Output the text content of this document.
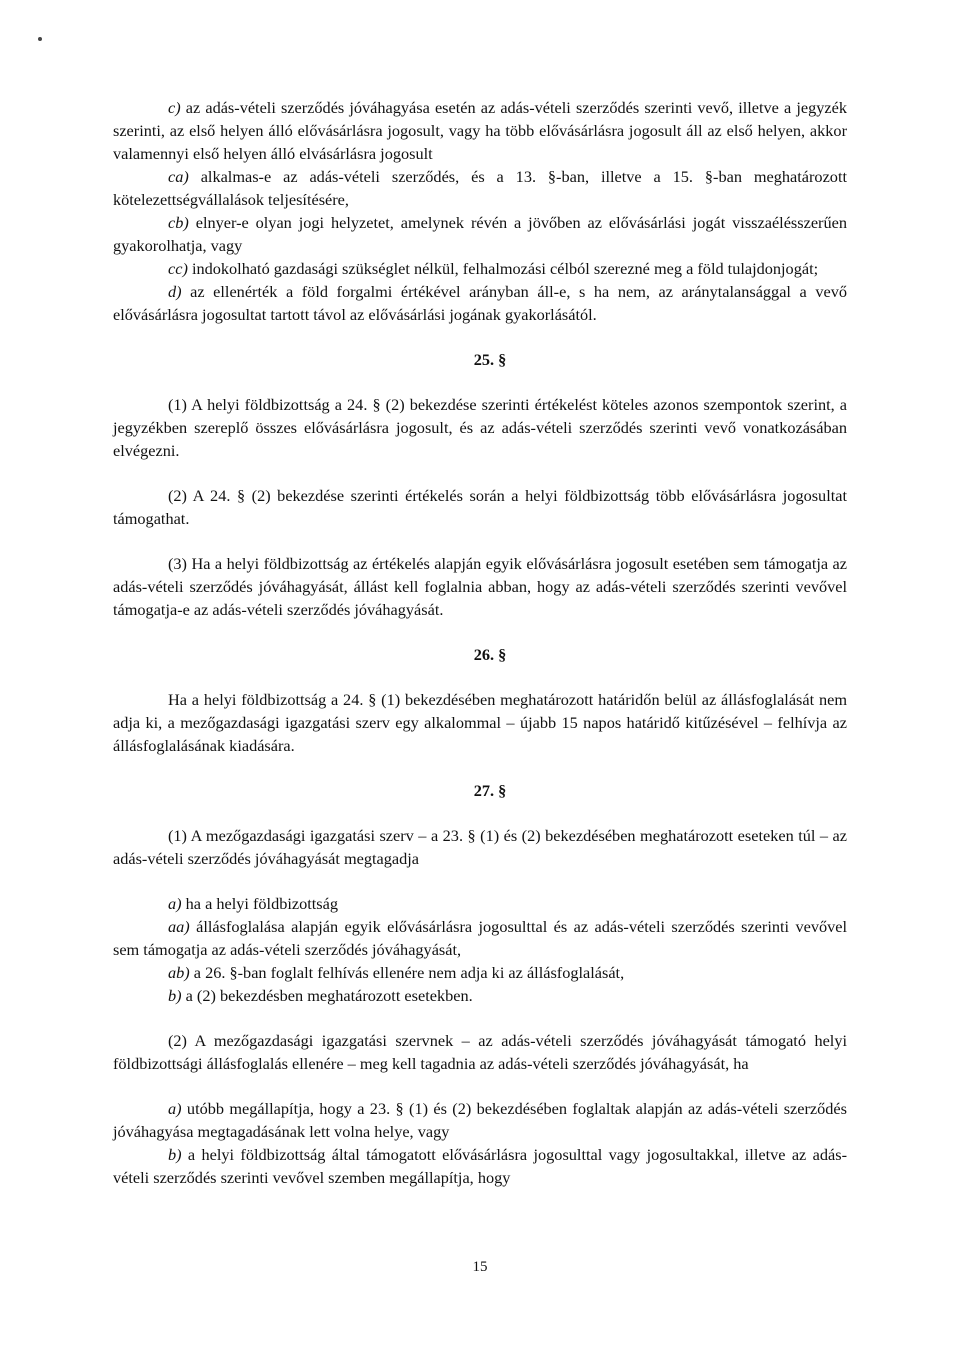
c) az adás-vételi szerződés jóváhagyása esetén az adás-vételi szerződés szerinti vevő, illetve a jegyzék szerinti, az első helyen álló elővásárlásra jogosult, vagy ha több elővásárlásra jogosult áll az első helyen, akkor valamennyi első helyen álló elvásárlásra jogosult

ca) alkalmas-e az adás-vételi szerződés, és a 13. §-ban, illetve a 15. §-ban meghatározott kötelezettségvállalások teljesítésére,

cb) elnyer-e olyan jogi helyzetet, amelynek révén a jövőben az elővásárlási jogát visszaélésszerűen gyakorolhatja, vagy

cc) indokolható gazdasági szükséglet nélkül, felhalmozási célból szerezné meg a föld tulajdonjogát;

d) az ellenérték a föld forgalmi értékével arányban áll-e, s ha nem, az aránytalansággal a vevő elővásárlásra jogosultat tartott távol az elővásárlási jogának gyakorlásától.

25. §

(1) A helyi földbizottság a 24. § (2) bekezdése szerinti értékelést köteles azonos szempontok szerint, a jegyzékben szereplő összes elővásárlásra jogosult, és az adás-vételi szerződés szerinti vevő vonatkozásában elvégezni.

(2) A 24. § (2) bekezdése szerinti értékelés során a helyi földbizottság több elővásárlásra jogosultat támogathat.

(3) Ha a helyi földbizottság az értékelés alapján egyik elővásárlásra jogosult esetében sem támogatja az adás-vételi szerződés jóváhagyását, állást kell foglalnia abban, hogy az adás-vételi szerződés szerinti vevővel támogatja-e az adás-vételi szerződés jóváhagyását.

26. §

Ha a helyi földbizottság a 24. § (1) bekezdésében meghatározott határidőn belül az állásfoglalását nem adja ki, a mezőgazdasági igazgatási szerv egy alkalommal – újabb 15 napos határidő kitűzésével – felhívja az állásfoglalásának kiadására.

27. §

(1) A mezőgazdasági igazgatási szerv – a 23. § (1) és (2) bekezdésében meghatározott eseteken túl – az adás-vételi szerződés jóváhagyását megtagadja

a) ha a helyi földbizottság

aa) állásfoglalása alapján egyik elővásárlásra jogosulttal és az adás-vételi szerződés szerinti vevővel sem támogatja az adás-vételi szerződés jóváhagyását,

ab) a 26. §-ban foglalt felhívás ellenére nem adja ki az állásfoglalását,

b) a (2) bekezdésben meghatározott esetekben.

(2) A mezőgazdasági igazgatási szervnek – az adás-vételi szerződés jóváhagyását támogató helyi földbizottsági állásfoglalás ellenére – meg kell tagadnia az adás-vételi szerződés jóváhagyását, ha

a) utóbb megállapítja, hogy a 23. § (1) és (2) bekezdésében foglaltak alapján az adás-vételi szerződés jóváhagyása megtagadásának lett volna helye, vagy

b) a helyi földbizottság által támogatott elővásárlásra jogosulttal vagy jogosultakkal, illetve az adás-vételi szerződés szerinti vevővel szemben megállapítja, hogy

15
